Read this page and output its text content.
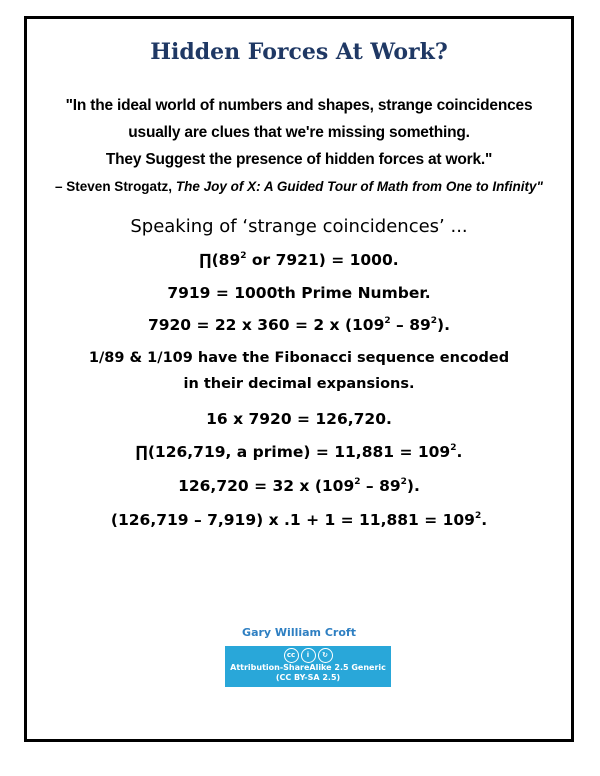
Hidden Forces At Work?
"In the ideal world of numbers and shapes, strange coincidences
usually are clues that we're missing something.
They Suggest the presence of hidden forces at work."
– Steven Strogatz, The Joy of X: A Guided Tour of Math from One to Infinity"
Speaking of ‘strange coincidences’ ...
$\prod(89^2$ or 7921) = 1000.
7919 = 1000th Prime Number.
7920 = 22 x 360 = 2 x $(109^2 - 89^2)$.
1/89 & 1/109 have the Fibonacci sequence encoded
in their decimal expansions.
16 x 7920 = 126,720.
∏(126,719, a prime) = $11,881 = 109^2$.
126,720 = 32 x $(109^2 - 89^2)$.
(126,719 – 7,919) x $.1 + 1 = 11,881 = 109^2$.
Gary William Croft
cc	i	↻
Attribution-ShareAlike 2.5 Generic
(CC BY-SA 2.5)
